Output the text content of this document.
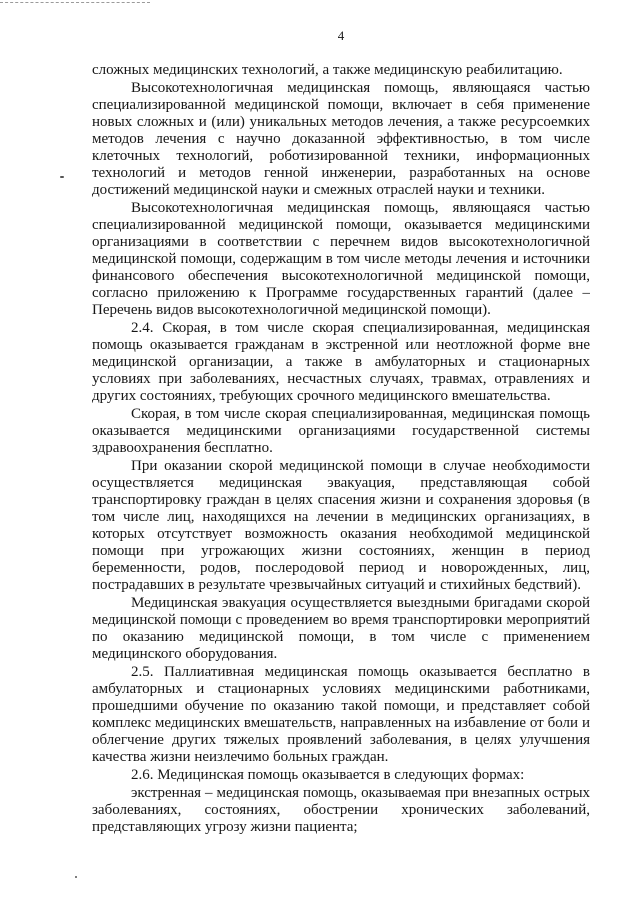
4
сложных медицинских технологий, а также медицинскую реабилитацию.
Высокотехнологичная медицинская помощь, являющаяся частью
специализированной медицинской помощи, включает в себя применение
новых сложных и (или) уникальных методов лечения, а также ресурсоемких
методов лечения с научно доказанной эффективностью, в том числе
клеточных технологий, роботизированной техники, информационных
технологий и методов генной инженерии, разработанных на основе
достижений медицинской науки и смежных отраслей науки и техники.
Высокотехнологичная медицинская помощь, являющаяся частью
специализированной медицинской помощи, оказывается медицинскими
организациями в соответствии с перечнем видов высокотехнологичной
медицинской помощи, содержащим в том числе методы лечения и источники
финансового обеспечения высокотехнологичной медицинской помощи,
согласно приложению к Программе государственных гарантий (далее –
Перечень видов высокотехнологичной медицинской помощи).
2.4. Скорая, в том числе скорая специализированная, медицинская
помощь оказывается гражданам в экстренной или неотложной форме вне
медицинской организации, а также в амбулаторных и стационарных
условиях при заболеваниях, несчастных случаях, травмах, отравлениях и
других состояниях, требующих срочного медицинского вмешательства.
Скорая, в том числе скорая специализированная, медицинская помощь
оказывается медицинскими организациями государственной системы
здравоохранения бесплатно.
При оказании скорой медицинской помощи в случае необходимости
осуществляется медицинская эвакуация, представляющая собой
транспортировку граждан в целях спасения жизни и сохранения здоровья (в
том числе лиц, находящихся на лечении в медицинских организациях, в
которых отсутствует возможность оказания необходимой медицинской
помощи при угрожающих жизни состояниях, женщин в период
беременности, родов, послеродовой период и новорожденных, лиц,
пострадавших в результате чрезвычайных ситуаций и стихийных бедствий).
Медицинская эвакуация осуществляется выездными бригадами скорой
медицинской помощи с проведением во время транспортировки мероприятий
по оказанию медицинской помощи, в том числе с применением
медицинского оборудования.
2.5. Паллиативная медицинская помощь оказывается бесплатно в
амбулаторных и стационарных условиях медицинскими работниками,
прошедшими обучение по оказанию такой помощи, и представляет собой
комплекс медицинских вмешательств, направленных на избавление от боли и
облегчение других тяжелых проявлений заболевания, в целях улучшения
качества жизни неизлечимо больных граждан.
2.6. Медицинская помощь оказывается в следующих формах:
экстренная – медицинская помощь, оказываемая при внезапных острых
заболеваниях, состояниях, обострении хронических заболеваний,
представляющих угрозу жизни пациента;
